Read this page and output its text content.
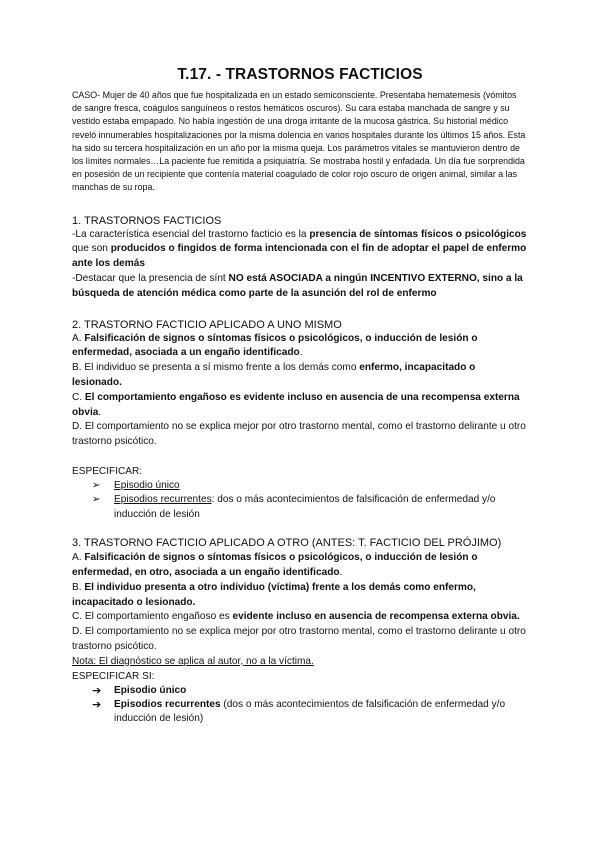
T.17. - TRASTORNOS FACTICIOS

CASO- Mujer de 40 años que fue hospitalizada en un estado semiconsciente. Presentaba hematemesis (vómitos de sangre fresca, coágulos sanguíneos o restos hemáticos oscuros). Su cara estaba manchada de sangre y su vestido estaba empapado. No había ingestión de una droga irritante de la mucosa gástrica. Su historial médico reveló innumerables hospitalizaciones por la misma dolencia en varios hospitales durante los últimos 15 años. Esta ha sido su tercera hospitalización en un año por la misma queja. Los parámetros vitales se mantuvieron dentro de los límites normales…La paciente fue remitida a psiquiatría. Se mostraba hostil y enfadada. Un día fue sorprendida en posesión de un recipiente que contenía material coagulado de color rojo oscuro de origen animal, similar a las manchas de su ropa.

1. TRASTORNOS FACTICIOS

-La característica esencial del trastorno facticio es la presencia de síntomas físicos o psicológicos que son producidos o fingidos de forma intencionada con el fin de adoptar el papel de enfermo ante los demás

-Destacar que la presencia de sínt NO está ASOCIADA a ningún INCENTIVO EXTERNO, sino a la búsqueda de atención médica como parte de la asunción del rol de enfermo

2. TRASTORNO FACTICIO APLICADO A UNO MISMO

A. Falsificación de signos o síntomas físicos o psicológicos, o inducción de lesión o enfermedad, asociada a un engaño identificado.

B. El individuo se presenta a sí mismo frente a los demás como enfermo, incapacitado o lesionado.

C. El comportamiento engañoso es evidente incluso en ausencia de una recompensa externa obvia.

D. El comportamiento no se explica mejor por otro trastorno mental, como el trastorno delirante u otro trastorno psicótico.

ESPECIFICAR:

➢	Episodio único
➢	Episodios recurrentes: dos o más acontecimientos de falsificación de enfermedad y/o inducción de lesión

3. TRASTORNO FACTICIO APLICADO A OTRO (ANTES: T. FACTICIO DEL PRÓJIMO)

A. Falsificación de signos o síntomas físicos o psicológicos, o inducción de lesión o enfermedad, en otro, asociada a un engaño identificado.

B. El individuo presenta a otro individuo (víctima) frente a los demás como enfermo, incapacitado o lesionado.

C. El comportamiento engañoso es evidente incluso en ausencia de recompensa externa obvia.

D. El comportamiento no se explica mejor por otro trastorno mental, como el trastorno delirante u otro trastorno psicótico.

Nota: El diagnóstico se aplica al autor, no a la víctima.

ESPECIFICAR SI:

➔	Episodio único
➔	Episodios recurrentes (dos o más acontecimientos de falsificación de enfermedad y/o inducción de lesión)
